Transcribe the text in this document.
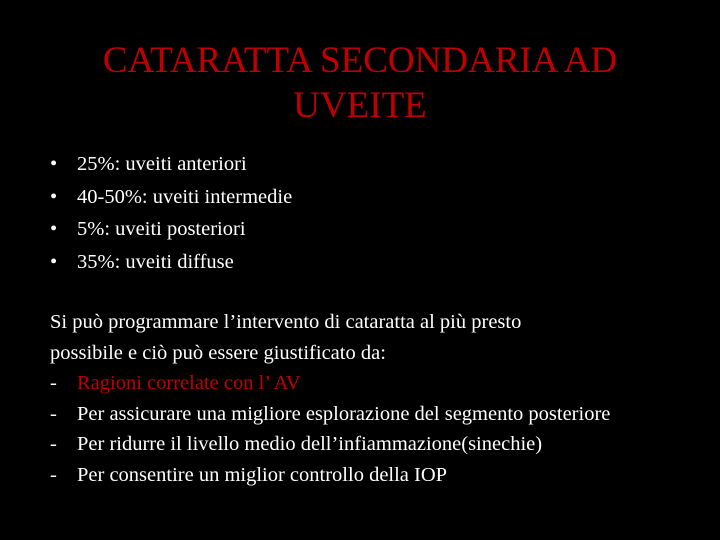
CATARATTA SECONDARIA AD
UVEITE
• 25%: uveiti anteriori
• 40-50%: uveiti intermedie
• 5%: uveiti posteriori
• 35%: uveiti diffuse

Si può programmare l’intervento di cataratta al più presto
possibile e ciò può essere giustificato da:

- Ragioni correlate con l’ AV
- Per assicurare una migliore esplorazione del segmento posteriore
- Per ridurre il livello medio dell’infiammazione(sinechie)
- Per consentire un miglior controllo della IOP
